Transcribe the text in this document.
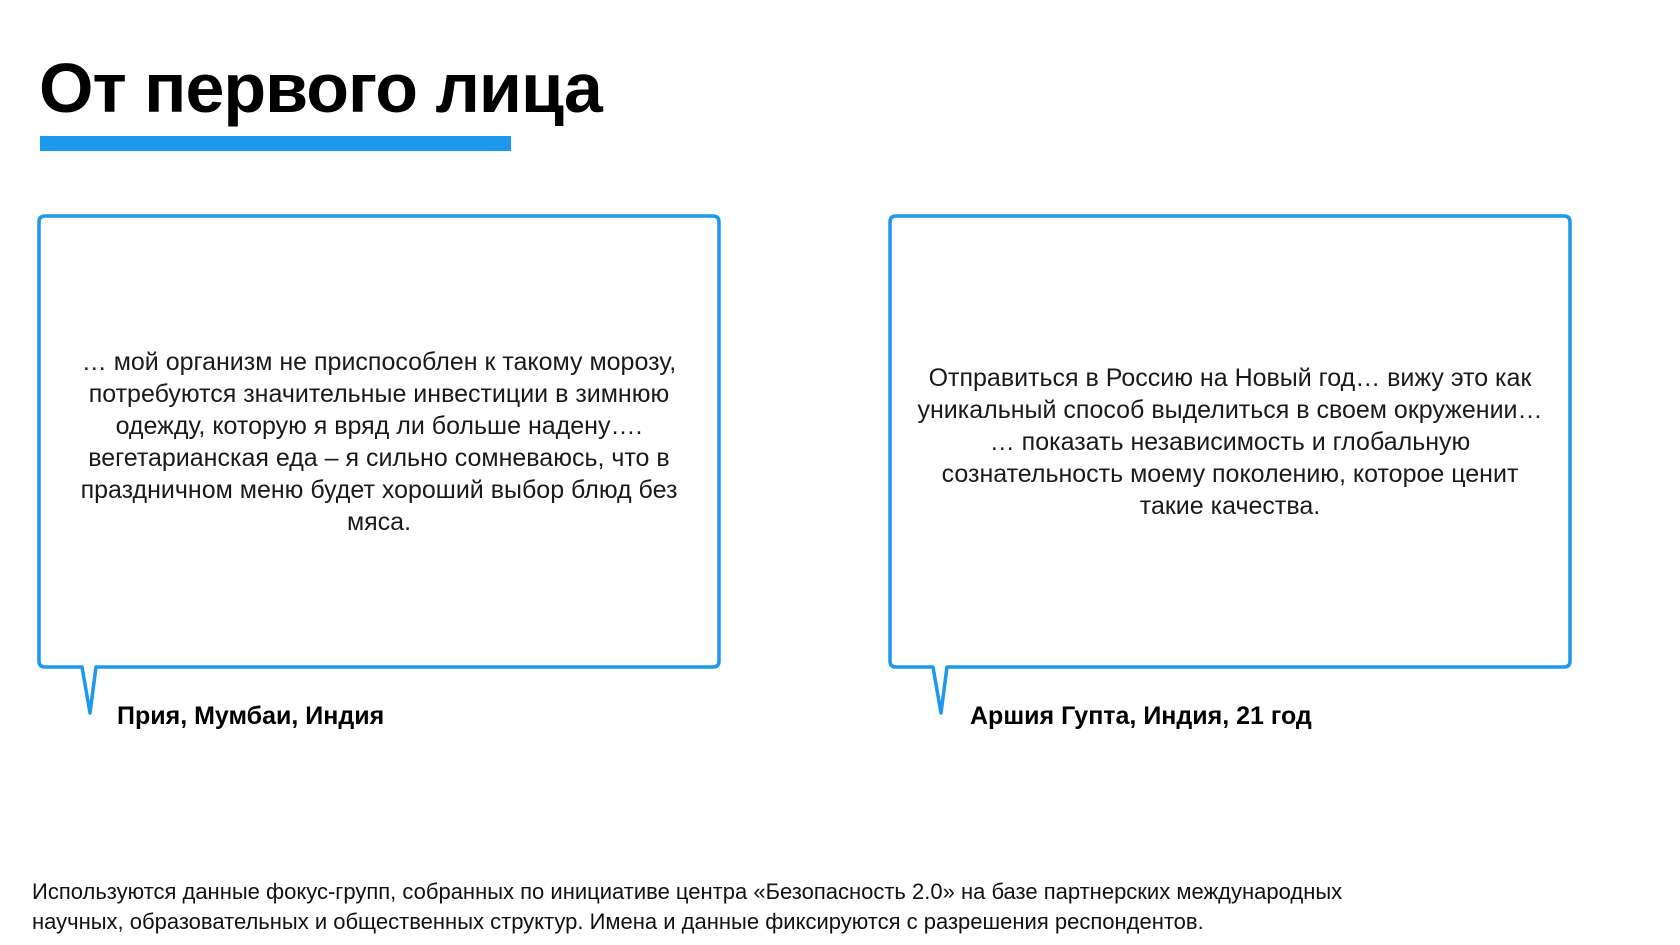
От первого лица

… мой организм не приспособлен к такому морозу,
потребуются значительные инвестиции в зимнюю
одежду, которую я вряд ли больше надену….
вегетарианская еда – я сильно сомневаюсь, что в
праздничном меню будет хороший выбор блюд без
мяса.

Прия, Мумбаи, Индия

Отправиться в Россию на Новый год… вижу это как
уникальный способ выделиться в своем окружении…
… показать независимость и глобальную
сознательность моему поколению, которое ценит
такие качества.

Аршия Гупта, Индия, 21 год

Используются данные фокус-групп, собранных по инициативе центра «Безопасность 2.0» на базе партнерских международных
научных, образовательных и общественных структур. Имена и данные фиксируются с разрешения респондентов.
